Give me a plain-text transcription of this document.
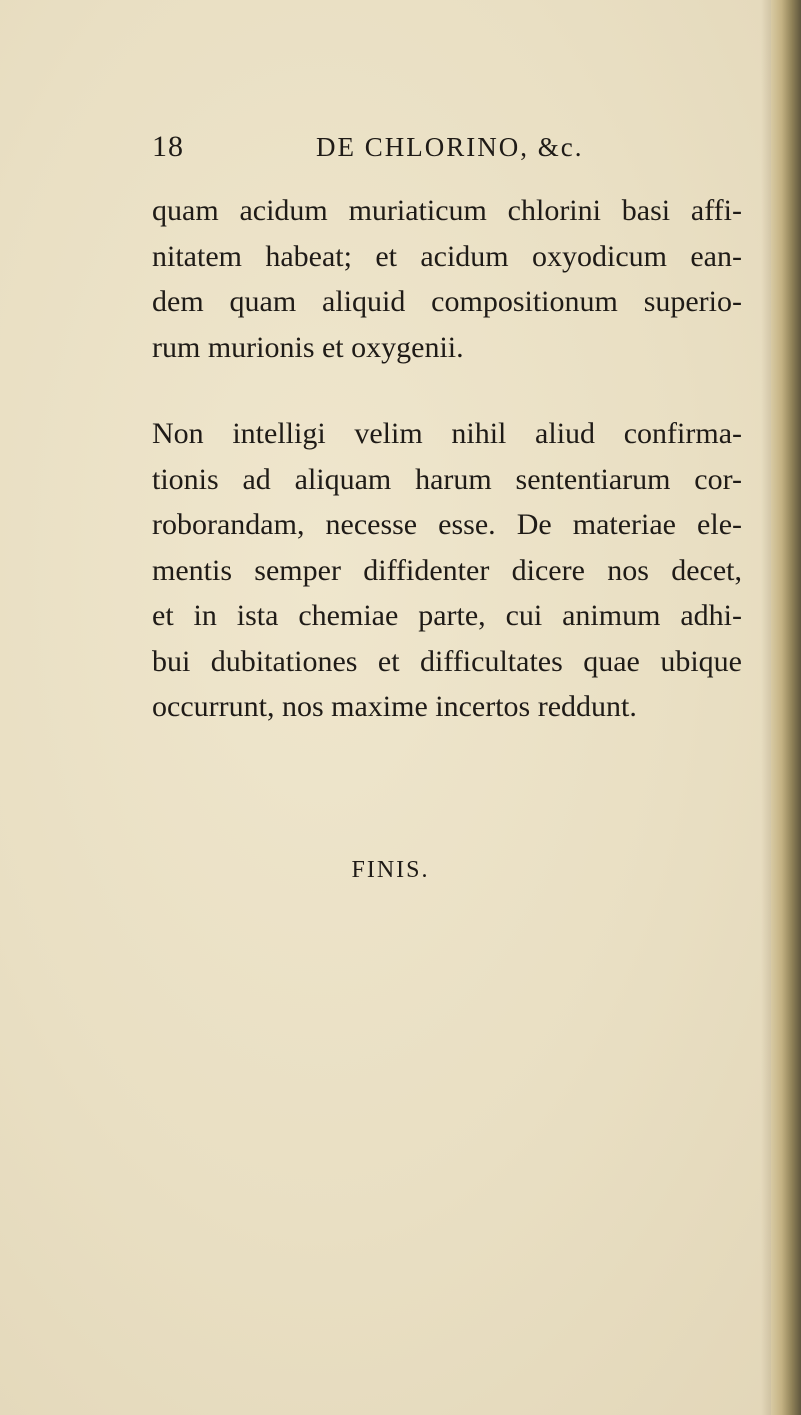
18	DE CHLORINO, &c.
quam acidum muriaticum chlorini basi affi-
nitatem habeat; et acidum oxyodicum ean-
dem quam aliquid compositionum superio-
rum murionis et oxygenii.
Non intelligi velim nihil aliud confirma-
tionis ad aliquam harum sententiarum cor-
roborandam, necesse esse. De materiae ele-
mentis semper diffidenter dicere nos decet,
et in ista chemiae parte, cui animum adhi-
bui dubitationes et difficultates quae ubique
occurrunt, nos maxime incertos reddunt.
FINIS.
